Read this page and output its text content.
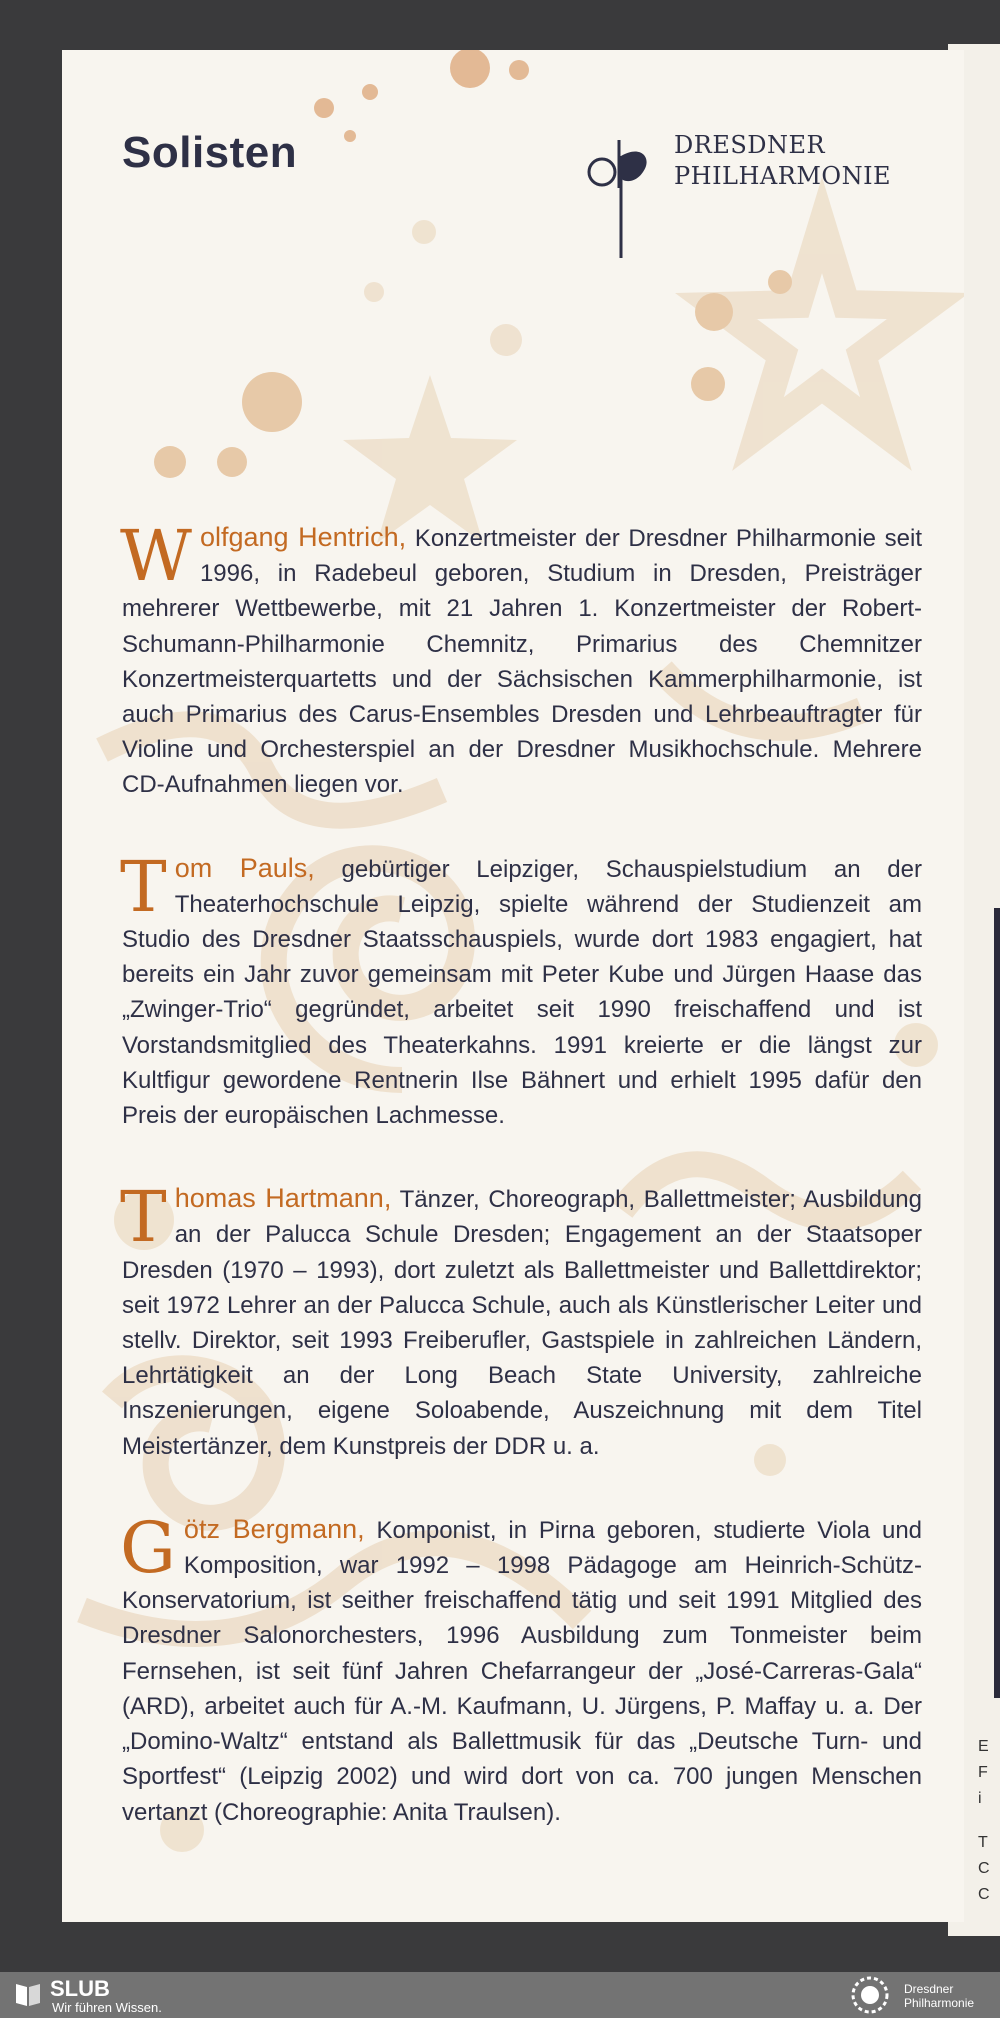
E
F
i
T
C
C
Solisten	DRESDNER
PHILHARMONIE

Wolfgang Hentrich, Konzertmeister der Dresdner Philharmonie seit 1996, in Radebeul geboren, Studium in Dresden, Preisträger mehrerer Wettbewerbe, mit 21 Jahren 1. Konzertmeister der Robert-Schumann-Philharmonie Chemnitz, Primarius des Chemnitzer Konzertmeisterquartetts und der Sächsischen Kammerphilharmonie, ist auch Primarius des Carus-Ensembles Dresden und Lehrbeauftragter für Violine und Orchesterspiel an der Dresdner Musikhochschule. Mehrere CD-Aufnahmen liegen vor.

Tom Pauls, gebürtiger Leipziger, Schauspielstudium an der Theaterhochschule Leipzig, spielte während der Studienzeit am Studio des Dresdner Staatsschauspiels, wurde dort 1983 engagiert, hat bereits ein Jahr zuvor gemeinsam mit Peter Kube und Jürgen Haase das „Zwinger-Trio“ gegründet, arbeitet seit 1990 freischaffend und ist Vorstandsmitglied des Theaterkahns. 1991 kreierte er die längst zur Kultfigur gewordene Rentnerin Ilse Bähnert und erhielt 1995 dafür den Preis der europäischen Lachmesse.

Thomas Hartmann, Tänzer, Choreograph, Ballettmeister; Ausbildung an der Palucca Schule Dresden; Engagement an der Staatsoper Dresden (1970 – 1993), dort zuletzt als Ballettmeister und Ballettdirektor; seit 1972 Lehrer an der Palucca Schule, auch als Künstlerischer Leiter und stellv. Direktor, seit 1993 Freiberufler, Gastspiele in zahlreichen Ländern, Lehrtätigkeit an der Long Beach State University, zahlreiche Inszenierungen, eigene Soloabende, Auszeichnung mit dem Titel Meistertänzer, dem Kunstpreis der DDR u. a.

Götz Bergmann, Komponist, in Pirna geboren, studierte Viola und Komposition, war 1992 – 1998 Pädagoge am Heinrich-Schütz-Konservatorium, ist seither freischaffend tätig und seit 1991 Mitglied des Dresdner Salonorchesters, 1996 Ausbildung zum Tonmeister beim Fernsehen, ist seit fünf Jahren Chefarrangeur der „José-Carreras-Gala“ (ARD), arbeitet auch für A.-M. Kaufmann, U. Jürgens, P. Maffay u. a. Der „Domino-Waltz“ entstand als Ballettmusik für das „Deutsche Turn- und Sportfest“ (Leipzig 2002) und wird dort von ca. 700 jungen Menschen vertanzt (Choreographie: Anita Traulsen).

SLUB
Wir führen Wissen.
Dresdner
Philharmonie
